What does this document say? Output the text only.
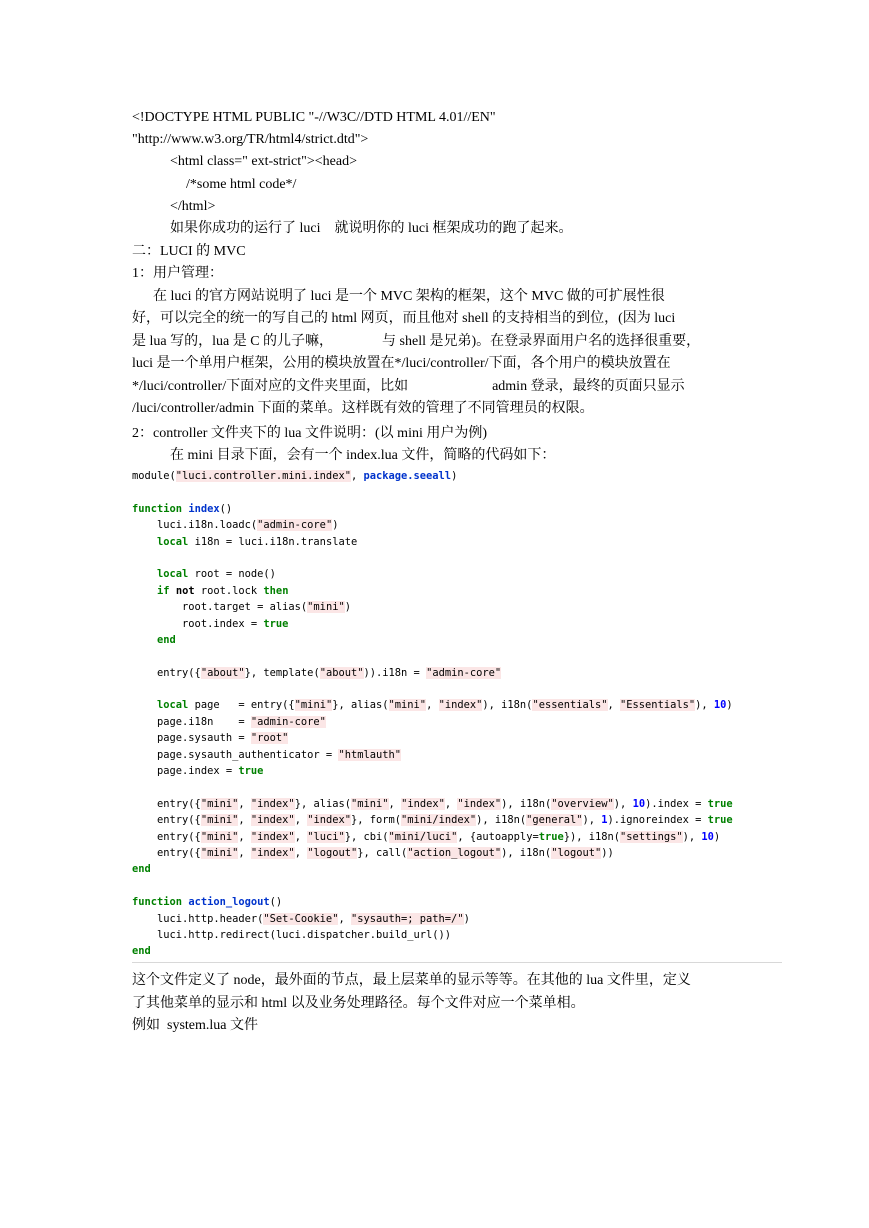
<!DOCTYPE HTML PUBLIC "-//W3C//DTD HTML 4.01//EN"
"http://www.w3.org/TR/html4/strict.dtd">
<html class=" ext-strict"><head>
/*some html code*/
</html>
如果你成功的运行了 luci    就说明你的 luci 框架成功的跑了起来。
二：LUCI 的 MVC
1：用户管理：
在 luci 的官方网站说明了 luci 是一个 MVC 架构的框架，这个 MVC 做的可扩展性很
好，可以完全的统一的写自己的 html 网页，而且他对 shell 的支持相当的到位，(因为 luci
是 lua 写的，lua 是 C 的儿子嘛，              与 shell 是兄弟)。在登录界面用户名的选择很重要，
luci 是一个单用户框架，公用的模块放置在*/luci/controller/下面，各个用户的模块放置在
*/luci/controller/下面对应的文件夹里面，比如                        admin 登录，最终的页面只显示
/luci/controller/admin 下面的菜单。这样既有效的管理了不同管理员的权限。
2：controller 文件夹下的 lua 文件说明：(以 mini 用户为例)
在 mini 目录下面，会有一个 index.lua 文件，简略的代码如下：
module("luci.controller.mini.index", package.seeall)
function index()
luci.i18n.loadc("admin-core")
local i18n = luci.i18n.translate
local root = node()
if not root.lock then
root.target = alias("mini")
root.index = true
end
entry({"about"}, template("about")).i18n = "admin-core"
local page   = entry({"mini"}, alias("mini", "index"), i18n("essentials", "Essentials"), 10)
page.i18n    = "admin-core"
page.sysauth = "root"
page.sysauth_authenticator = "htmlauth"
page.index = true
entry({"mini", "index"}, alias("mini", "index", "index"), i18n("overview"), 10).index = true
entry({"mini", "index", "index"}, form("mini/index"), i18n("general"), 1).ignoreindex = true
entry({"mini", "index", "luci"}, cbi("mini/luci", {autoapply=true}), i18n("settings"), 10)
entry({"mini", "index", "logout"}, call("action_logout"), i18n("logout"))
end
function action_logout()
luci.http.header("Set-Cookie", "sysauth=; path=/")
luci.http.redirect(luci.dispatcher.build_url())
end
这个文件定义了 node，最外面的节点，最上层菜单的显示等等。在其他的 lua 文件里，定义
了其他菜单的显示和 html 以及业务处理路径。每个文件对应一个菜单相。
例如  system.lua 文件
